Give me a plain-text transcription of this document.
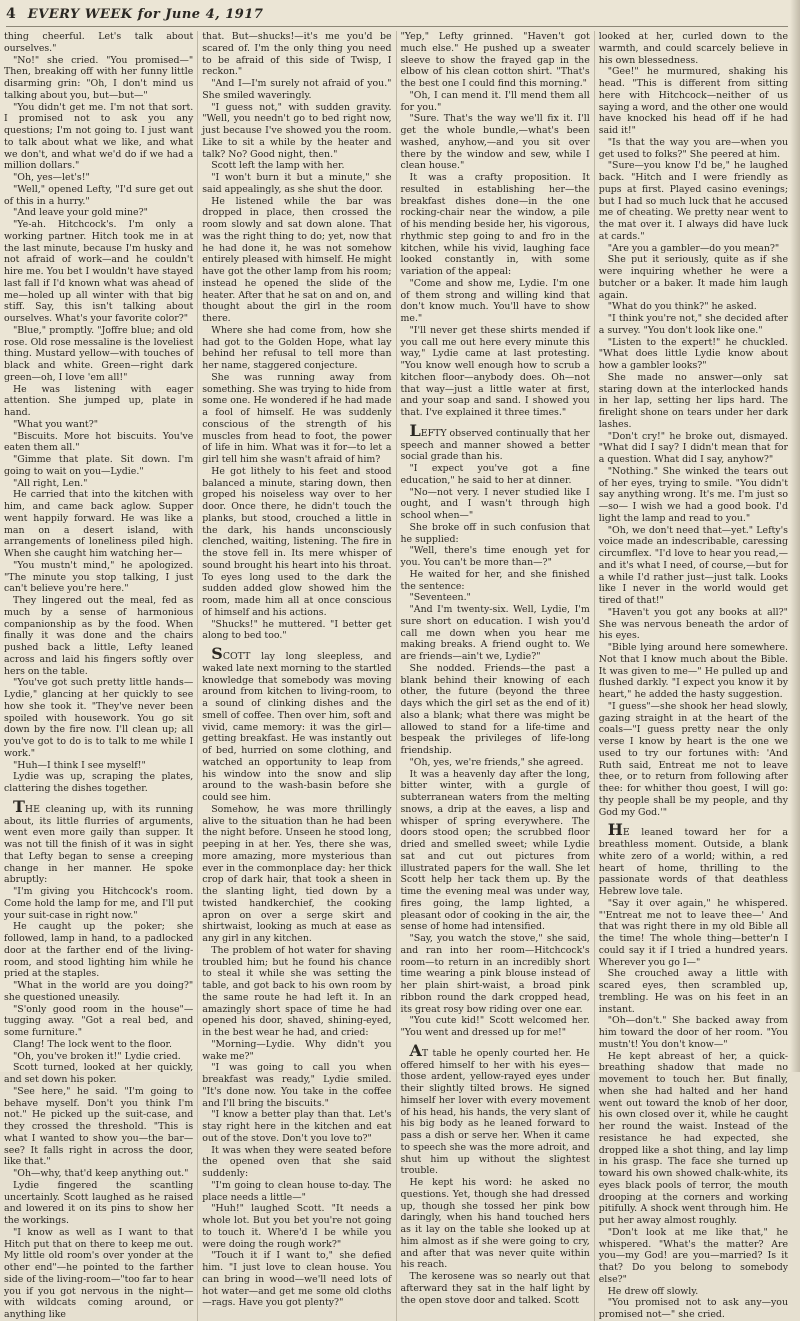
4 EVERY WEEK for June 4, 1917

thing cheerful. Let's talk about ourselves."

"No!" she cried. "You promised—" Then, breaking off with her funny little disarming grin: "Oh, I don't mind us talking about you, but—but—"

"You didn't get me. I'm not that sort. I promised not to ask you any questions; I'm not going to. I just want to talk about what we like, and what we don't, and what we'd do if we had a million dollars."

"Oh, yes—let's!"

"Well," opened Lefty, "I'd sure get out of this in a hurry."

"And leave your gold mine?"

"Ye-ah. Hitchcock's. I'm only a working partner. Hitch took me in at the last minute, because I'm husky and not afraid of work—and he couldn't hire me. You bet I wouldn't have stayed last fall if I'd known what was ahead of me—holed up all winter with that big stiff. Say, this isn't talking about ourselves. What's your favorite color?"

"Blue," promptly. "Joffre blue; and old rose. Old rose messaline is the loveliest thing. Mustard yellow—with touches of black and white. Green—right dark green—oh, I love 'em all!"

He was listening with eager attention. She jumped up, plate in hand.

"What you want?"

"Biscuits. More hot biscuits. You've eaten them all."

"Gimme that plate. Sit down. I'm going to wait on you—Lydie."

"All right, Len."

He carried that into the kitchen with him, and came back aglow. Supper went happily forward. He was like a man on a desert island, with arrangements of loneliness piled high. When she caught him watching her—

"You mustn't mind," he apologized. "The minute you stop talking, I just can't believe you're here."

They lingered out the meal, fed as much by a sense of harmonious companionship as by the food. When finally it was done and the chairs pushed back a little, Lefty leaned across and laid his fingers softly over hers on the table.

"You've got such pretty little hands—Lydie," glancing at her quickly to see how she took it. "They've never been spoiled with housework. You go sit down by the fire now. I'll clean up; all you've got to do is to talk to me while I work."

"Huh—I think I see myself!"

Lydie was up, scraping the plates, clattering the dishes together.

THE cleaning up, with its running about, its little flurries of arguments, went even more gaily than supper. It was not till the finish of it was in sight that Lefty began to sense a creeping change in her manner. He spoke abruptly:

"I'm giving you Hitchcock's room. Come hold the lamp for me, and I'll put your suit-case in right now."

He caught up the poker; she followed, lamp in hand, to a padlocked door at the farther end of the living-room, and stood lighting him while he pried at the staples.

"What in the world are you doing?" she questioned uneasily.

"S'only good room in the house"—tugging away. "Got a real bed, and some furniture."

Clang! The lock went to the floor.

"Oh, you've broken it!" Lydie cried.

Scott turned, looked at her quickly, and set down his poker.

"See here," he said. "I'm going to behave myself. Don't you think I'm not." He picked up the suit-case, and they crossed the threshold. "This is what I wanted to show you—the bar—see? It falls right in across the door, like that."

"Oh—why, that'd keep anything out."

Lydie fingered the scantling uncertainly. Scott laughed as he raised and lowered it on its pins to show her the workings.

"I know as well as I want to that Hitch put that on there to keep me out. My little old room's over yonder at the other end"—he pointed to the farther side of the living-room—"too far to hear you if you got nervous in the night—with wildcats coming around, or anything like

that. But—shucks!—it's me you'd be scared of. I'm the only thing you need to be afraid of this side of Twisp, I reckon."

"And I—I'm surely not afraid of you." She smiled waveringly.

"I guess not," with sudden gravity. "Well, you needn't go to bed right now, just because I've showed you the room. Like to sit a while by the heater and talk? No? Good night, then."

Scott left the lamp with her.

"I won't burn it but a minute," she said appealingly, as she shut the door.

He listened while the bar was dropped in place, then crossed the room slowly and sat down alone. That was the right thing to do; yet, now that he had done it, he was not somehow entirely pleased with himself. He might have got the other lamp from his room; instead he opened the slide of the heater. After that he sat on and on, and thought about the girl in the room there.

Where she had come from, how she had got to the Golden Hope, what lay behind her refusal to tell more than her name, staggered conjecture.

She was running away from something. She was trying to hide from some one. He wondered if he had made a fool of himself. He was suddenly conscious of the strength of his muscles from head to foot, the power of life in him. What was it for—to let a girl tell him she wasn't afraid of him?

He got lithely to his feet and stood balanced a minute, staring down, then groped his noiseless way over to her door. Once there, he didn't touch the planks, but stood, crouched a little in the dark, his hands unconsciously clenched, waiting, listening. The fire in the stove fell in. Its mere whisper of sound brought his heart into his throat. To eyes long used to the dark the sudden added glow showed him the room, made him all at once conscious of himself and his actions.

"Shucks!" he muttered. "I better get along to bed too."

SCOTT lay long sleepless, and waked late next morning to the startled knowledge that somebody was moving around from kitchen to living-room, to a sound of clinking dishes and the smell of coffee. Then over him, soft and vivid, came memory: it was the girl—getting breakfast. He was instantly out of bed, hurried on some clothing, and watched an opportunity to leap from his window into the snow and slip around to the wash-basin before she could see him.

Somehow, he was more thrillingly alive to the situation than he had been the night before. Unseen he stood long, peeping in at her. Yes, there she was, more amazing, more mysterious than ever in the commonplace day: her thick crop of dark hair, that took a sheen in the slanting light, tied down by a twisted handkerchief, the cooking apron on over a serge skirt and shirtwaist, looking as much at ease as any girl in any kitchen.

The problem of hot water for shaving troubled him; but he found his chance to steal it while she was setting the table, and got back to his own room by the same route he had left it. In an amazingly short space of time he had opened his door, shaved, shining-eyed, in the best wear he had, and cried:

"Morning—Lydie. Why didn't you wake me?"

"I was going to call you when breakfast was ready," Lydie smiled. "It's done now. You take in the coffee and I'll bring the biscuits."

"I know a better play than that. Let's stay right here in the kitchen and eat out of the stove. Don't you love to?"

It was when they were seated before the opened oven that she said suddenly:

"I'm going to clean house to-day. The place needs a little—"

"Huh!" laughed Scott. "It needs a whole lot. But you bet you're not going to touch it. Where'd I be while you were doing the rough work?"

"Touch it if I want to," she defied him. "I just love to clean house. You can bring in wood—we'll need lots of hot water—and get me some old cloths—rags. Have you got plenty?"

"Yep," Lefty grinned. "Haven't got much else." He pushed up a sweater sleeve to show the frayed gap in the elbow of his clean cotton shirt. "That's the best one I could find this morning."

"Oh, I can mend it. I'll mend them all for you."

"Sure. That's the way we'll fix it. I'll get the whole bundle,—what's been washed, anyhow,—and you sit over there by the window and sew, while I clean house."

It was a crafty proposition. It resulted in establishing her—the breakfast dishes done—in the one rocking-chair near the window, a pile of his mending beside her, his vigorous, rhythmic step going to and fro in the kitchen, while his vivid, laughing face looked constantly in, with some variation of the appeal:

"Come and show me, Lydie. I'm one of them strong and willing kind that don't know much. You'll have to show me."

"I'll never get these shirts mended if you call me out here every minute this way," Lydie came at last protesting. "You know well enough how to scrub a kitchen floor—anybody does. Oh—not that way—just a little water at first, and your soap and sand. I showed you that. I've explained it three times."

LEFTY observed continually that her speech and manner showed a better social grade than his.

"I expect you've got a fine education," he said to her at dinner.

"No—not very. I never studied like I ought, and I wasn't through high school when—"

She broke off in such confusion that he supplied:

"Well, there's time enough yet for you. You can't be more than—?"

He waited for her, and she finished the sentence:

"Seventeen."

"And I'm twenty-six. Well, Lydie, I'm sure short on education. I wish you'd call me down when you hear me making breaks. A friend ought to. We are friends—ain't we, Lydie?"

She nodded. Friends—the past a blank behind their knowing of each other, the future (beyond the three days which the girl set as the end of it) also a blank; what there was might be allowed to stand for a life-time and bespeak the privileges of life-long friendship.

"Oh, yes, we're friends," she agreed.

It was a heavenly day after the long, bitter winter, with a gurgle of subterranean waters from the melting snows, a drip at the eaves, a lisp and whisper of spring everywhere. The doors stood open; the scrubbed floor dried and smelled sweet; while Lydie sat and cut out pictures from illustrated papers for the wall. She let Scott help her tack them up. By the time the evening meal was under way, fires going, the lamp lighted, a pleasant odor of cooking in the air, the sense of home had intensified.

"Say, you watch the stove," she said, and ran into her room—Hitchcock's room—to return in an incredibly short time wearing a pink blouse instead of her plain shirt-waist, a broad pink ribbon round the dark cropped head, its great rosy bow riding over one ear.

"You cute kid!" Scott welcomed her. "You went and dressed up for me!"

AT table he openly courted her. He offered himself to her with his eyes—those ardent, yellow-rayed eyes under their slightly tilted brows. He signed himself her lover with every movement of his head, his hands, the very slant of his big body as he leaned forward to pass a dish or serve her. When it came to speech she was the more adroit, and shut him up without the slightest trouble.

He kept his word: he asked no questions. Yet, though she had dressed up, though she tossed her pink bow daringly, when his hand touched hers as it lay on the table she looked up at him almost as if she were going to cry, and after that was never quite within his reach.

The kerosene was so nearly out that afterward they sat in the half light by the open stove door and talked. Scott

looked at her, curled down to the warmth, and could scarcely believe in his own blessedness.

"Gee!" he murmured, shaking his head. "This is different from sitting here with Hitchcock—neither of us saying a word, and the other one would have knocked his head off if he had said it!"

"Is that the way you are—when you get used to folks?" She peered at him.

"Sure—you know I'd be," he laughed back. "Hitch and I were friendly as pups at first. Played casino evenings; but I had so much luck that he accused me of cheating. We pretty near went to the mat over it. I always did have luck at cards."

"Are you a gambler—do you mean?"

She put it seriously, quite as if she were inquiring whether he were a butcher or a baker. It made him laugh again.

"What do you think?" he asked.

"I think you're not," she decided after a survey. "You don't look like one."

"Listen to the expert!" he chuckled. "What does little Lydie know about how a gambler looks?"

She made no answer—only sat staring down at the interlocked hands in her lap, setting her lips hard. The firelight shone on tears under her dark lashes.

"Don't cry!" he broke out, dismayed. "What did I say? I didn't mean that for a question. What did I say, anyhow?"

"Nothing." She winked the tears out of her eyes, trying to smile. "You didn't say anything wrong. It's me. I'm just so—so— I wish we had a good book. I'd light the lamp and read to you."

"Oh, we don't need that—yet." Lefty's voice made an indescribable, caressing circumflex. "I'd love to hear you read,—and it's what I need, of course,—but for a while I'd rather just—just talk. Looks like I never in the world would get tired of that!"

"Haven't you got any books at all?" She was nervous beneath the ardor of his eyes.

"Bible lying around here somewhere. Not that I know much about the Bible. It was given to me—" He pulled up and flushed darkly. "I expect you know it by heart," he added the hasty suggestion.

"I guess"—she shook her head slowly, gazing straight in at the heart of the coals—"I guess pretty near the only verse I know by heart is the one we used to try our fortunes with: 'And Ruth said, Entreat me not to leave thee, or to return from following after thee: for whither thou goest, I will go: thy people shall be my people, and thy God my God.'"

HE leaned toward her for a breathless moment. Outside, a blank white zero of a world; within, a red heart of home, thrilling to the passionate words of that deathless Hebrew love tale.

"Say it over again," he whispered. "'Entreat me not to leave thee—' And that was right there in my old Bible all the time! The whole thing—better'n I could say it if I tried a hundred years. Wherever you go I—"

She crouched away a little with scared eyes, then scrambled up, trembling. He was on his feet in an instant.

"Oh—don't." She backed away from him toward the door of her room. "You mustn't! You don't know—"

He kept abreast of her, a quick-breathing shadow that made no movement to touch her. But finally, when she had halted and her hand went out toward the knob of her door, his own closed over it, while he caught her round the waist. Instead of the resistance he had expected, she dropped like a shot thing, and lay limp in his grasp. The face she turned up toward his own showed chalk-white, its eyes black pools of terror, the mouth drooping at the corners and working pitifully. A shock went through him. He put her away almost roughly.

"Don't look at me like that," he whispered. "What's the matter? Are you—my God! are you—married? Is it that? Do you belong to somebody else?"

He drew off slowly.

"You promised not to ask any—you promised not—" she cried.
